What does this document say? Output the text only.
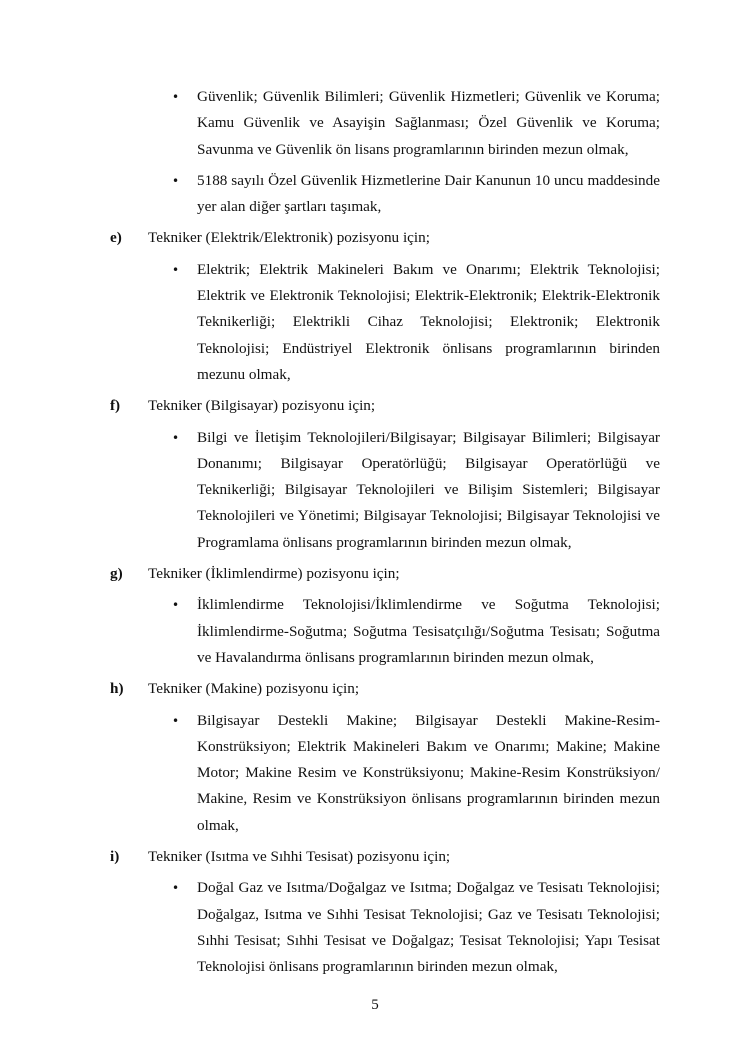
• Güvenlik; Güvenlik Bilimleri; Güvenlik Hizmetleri; Güvenlik ve Koruma; Kamu Güvenlik ve Asayişin Sağlanması; Özel Güvenlik ve Koruma; Savunma ve Güvenlik ön lisans programlarının birinden mezun olmak,
• 5188 sayılı Özel Güvenlik Hizmetlerine Dair Kanunun 10 uncu maddesinde yer alan diğer şartları taşımak,
e) Tekniker (Elektrik/Elektronik) pozisyonu için;
• Elektrik; Elektrik Makineleri Bakım ve Onarımı; Elektrik Teknolojisi; Elektrik ve Elektronik Teknolojisi; Elektrik-Elektronik; Elektrik-Elektronik Teknikerliği; Elektrikli Cihaz Teknolojisi; Elektronik; Elektronik Teknolojisi; Endüstriyel Elektronik önlisans programlarının birinden mezunu olmak,
f) Tekniker (Bilgisayar) pozisyonu için;
• Bilgi ve İletişim Teknolojileri/Bilgisayar; Bilgisayar Bilimleri; Bilgisayar Donanımı; Bilgisayar Operatörlüğü; Bilgisayar Operatörlüğü ve Teknikerliği; Bilgisayar Teknolojileri ve Bilişim Sistemleri; Bilgisayar Teknolojileri ve Yönetimi; Bilgisayar Teknolojisi; Bilgisayar Teknolojisi ve Programlama önlisans programlarının birinden mezun olmak,
g) Tekniker (İklimlendirme) pozisyonu için;
• İklimlendirme Teknolojisi/İklimlendirme ve Soğutma Teknolojisi; İklimlendirme-Soğutma; Soğutma Tesisatçılığı/Soğutma Tesisatı; Soğutma ve Havalandırma önlisans programlarının birinden mezun olmak,
h) Tekniker (Makine) pozisyonu için;
• Bilgisayar Destekli Makine; Bilgisayar Destekli Makine-Resim-Konstrüksiyon; Elektrik Makineleri Bakım ve Onarımı; Makine; Makine Motor; Makine Resim ve Konstrüksiyonu; Makine-Resim Konstrüksiyon/ Makine, Resim ve Konstrüksiyon önlisans programlarının birinden mezun olmak,
i) Tekniker (Isıtma ve Sıhhi Tesisat) pozisyonu için;
• Doğal Gaz ve Isıtma/Doğalgaz ve Isıtma; Doğalgaz ve Tesisatı Teknolojisi; Doğalgaz, Isıtma ve Sıhhi Tesisat Teknolojisi; Gaz ve Tesisatı Teknolojisi; Sıhhi Tesisat; Sıhhi Tesisat ve Doğalgaz; Tesisat Teknolojisi; Yapı Tesisat Teknolojisi önlisans programlarının birinden mezun olmak,
5
